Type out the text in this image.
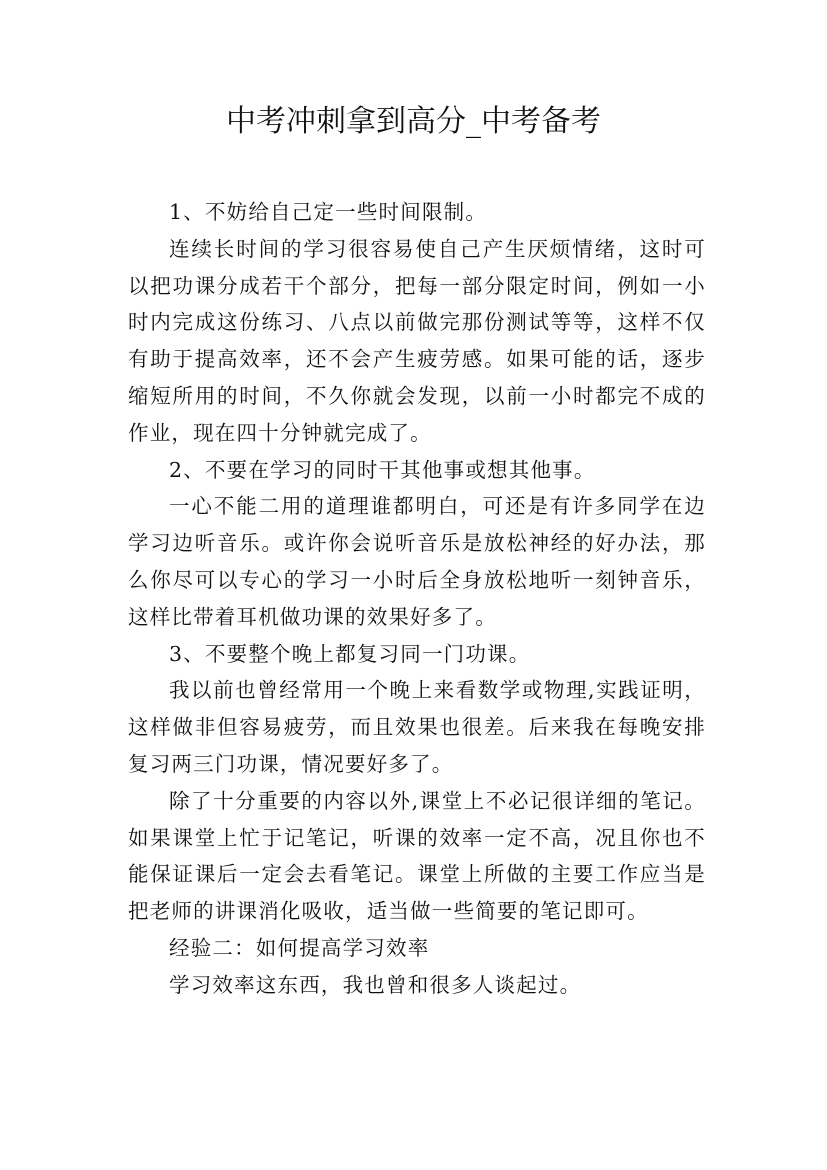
中考冲刺拿到高分_中考备考

1、不妨给自己定一些时间限制。

连续长时间的学习很容易使自己产生厌烦情绪，这时可以把功课分成若干个部分，把每一部分限定时间，例如一小时内完成这份练习、八点以前做完那份测试等等，这样不仅有助于提高效率，还不会产生疲劳感。如果可能的话，逐步缩短所用的时间，不久你就会发现，以前一小时都完不成的作业，现在四十分钟就完成了。

2、不要在学习的同时干其他事或想其他事。

一心不能二用的道理谁都明白，可还是有许多同学在边学习边听音乐。或许你会说听音乐是放松神经的好办法，那么你尽可以专心的学习一小时后全身放松地听一刻钟音乐，这样比带着耳机做功课的效果好多了。

3、不要整个晚上都复习同一门功课。

我以前也曾经常用一个晚上来看数学或物理,实践证明，这样做非但容易疲劳，而且效果也很差。后来我在每晚安排复习两三门功课，情况要好多了。

除了十分重要的内容以外,课堂上不必记很详细的笔记。如果课堂上忙于记笔记，听课的效率一定不高，况且你也不能保证课后一定会去看笔记。课堂上所做的主要工作应当是把老师的讲课消化吸收，适当做一些简要的笔记即可。

经验二：如何提高学习效率

学习效率这东西，我也曾和很多人谈起过。
